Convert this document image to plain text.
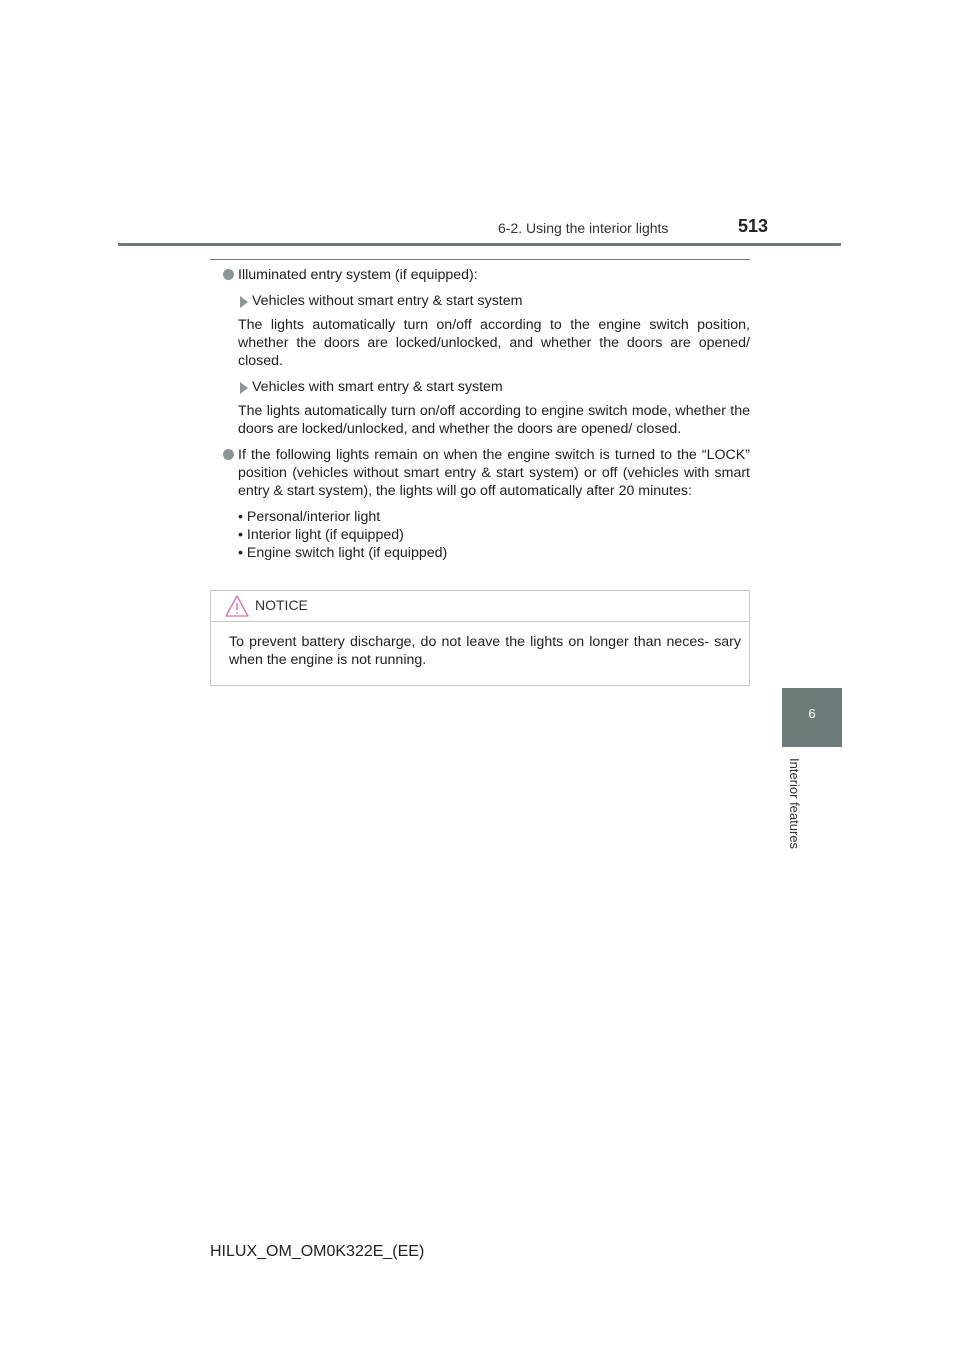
6-2. Using the interior lights	513
6
Interior features
Illuminated entry system (if equipped):
Vehicles without smart entry & start system
The lights automatically turn on/off according to the engine switch position, whether the doors are locked/unlocked, and whether the doors are opened/ closed.
Vehicles with smart entry & start system
The lights automatically turn on/off according to engine switch mode, whether the doors are locked/unlocked, and whether the doors are opened/ closed.
If the following lights remain on when the engine switch is turned to the “LOCK” position (vehicles without smart entry & start system) or off (vehicles with smart entry & start system), the lights will go off automatically after 20 minutes:
• Personal/interior light
• Interior light (if equipped)
• Engine switch light (if equipped)
NOTICE
To prevent battery discharge, do not leave the lights on longer than neces- sary when the engine is not running.
HILUX_OM_OM0K322E_(EE)
